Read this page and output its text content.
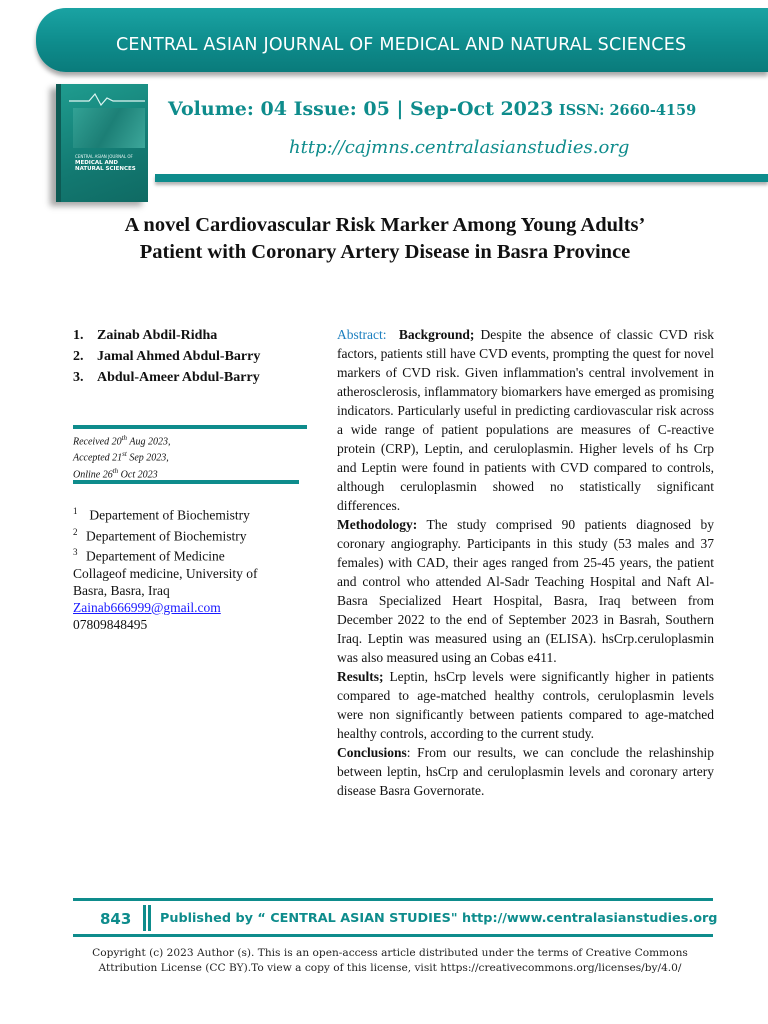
CENTRAL ASIAN JOURNAL OF MEDICAL AND NATURAL SCIENCES
CENTRAL ASIAN JOURNAL OF
MEDICAL AND NATURAL SCIENCES
Volume: 04 Issue: 05 | Sep-Oct 2023 ISSN: 2660-4159
http://cajmns.centralasianstudies.org
A novel Cardiovascular Risk Marker Among Young Adults’
Patient with Coronary Artery Disease in Basra Province
1. Zainab Abdil-Ridha
2. Jamal Ahmed Abdul-Barry
3. Abdul-Ameer Abdul-Barry
Received 20th Aug 2023,
Accepted 21st Sep 2023,
Online 26th Oct 2023
$^1$ Departement of Biochemistry
$^2$ Departement of Biochemistry
$^3$ Departement of Medicine
Collageof medicine, University of
Basra, Basra, Iraq
Zainab666999@gmail.com
07809848495

Abstract: Background; Despite the absence of classic CVD risk factors, patients still have CVD events, prompting the quest for novel markers of CVD risk. Given inflammation's central involvement in atherosclerosis, inflammatory biomarkers have emerged as promising indicators. Particularly useful in predicting cardiovascular risk across a wide range of patient populations are measures of C-reactive protein (CRP), Leptin, and ceruloplasmin. Higher levels of hs Crp and Leptin were found in patients with CVD compared to controls, although ceruloplasmin showed no statistically significant differences.

Methodology: The study comprised 90 patients diagnosed by coronary angiography. Participants in this study (53 males and 37 females) with CAD, their ages ranged from 25-45 years, the patient and control who attended Al-Sadr Teaching Hospital and Naft Al-Basra Specialized Heart Hospital, Basra, Iraq between from December 2022 to the end of September 2023 in Basrah, Southern Iraq. Leptin was measured using an (ELISA). hsCrp.ceruloplasmin was also measured using an Cobas e411.

Results; Leptin, hsCrp levels were significantly higher in patients compared to age-matched healthy controls, ceruloplasmin levels were non significantly between patients compared to age-matched healthy controls, according to the current study.

Conclusions: From our results, we can conclude the relashinship between leptin, hsCrp and ceruloplasmin levels and coronary artery disease Basra Governorate.

843 Published by “ CENTRAL ASIAN STUDIES" http://www.centralasianstudies.org
Copyright (c) 2023 Author (s). This is an open-access article distributed under the terms of Creative Commons
Attribution License (CC BY).To view a copy of this license, visit https://creativecommons.org/licenses/by/4.0/
